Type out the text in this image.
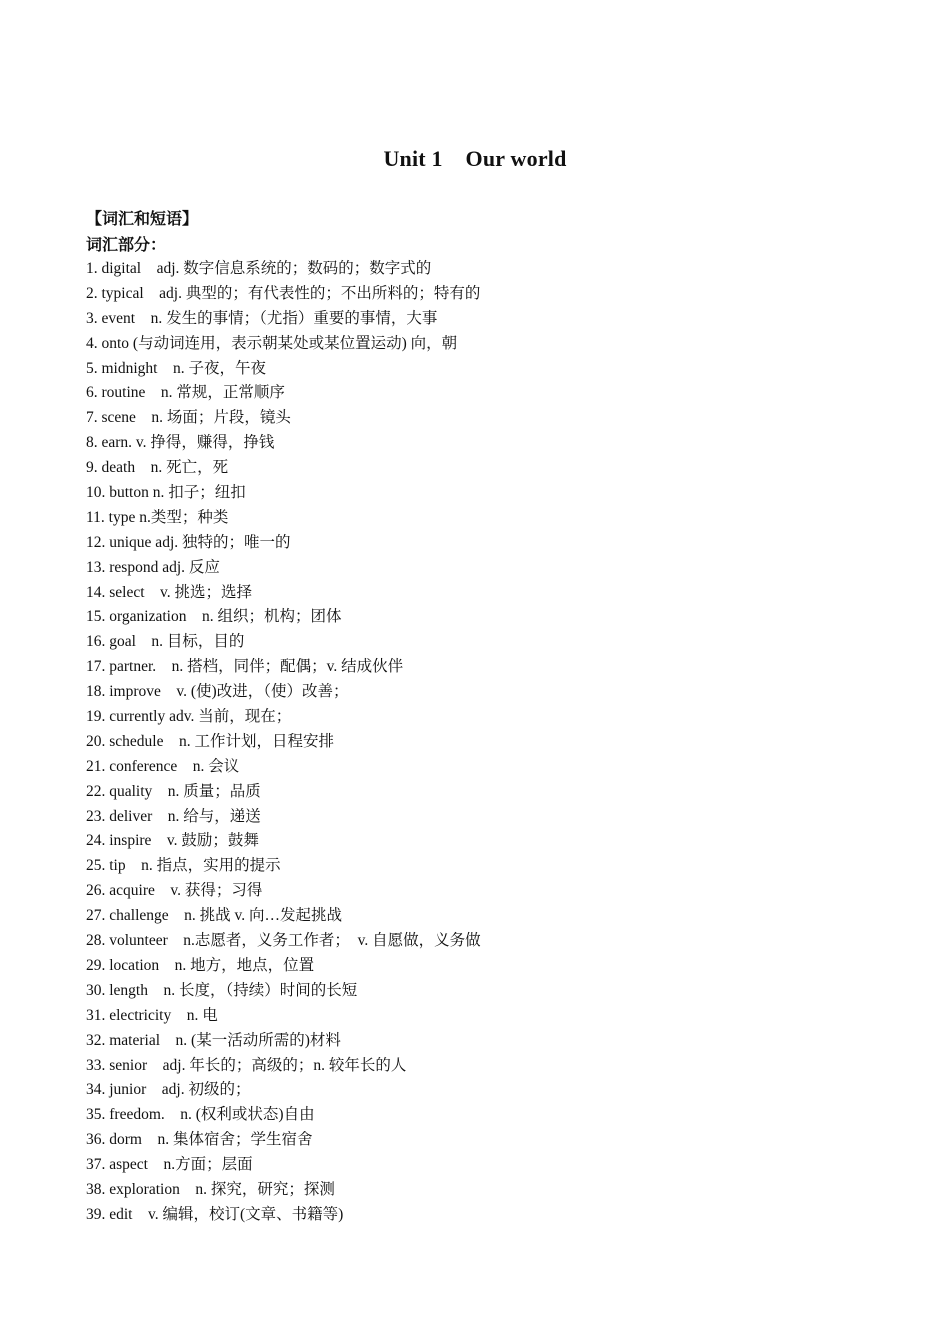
Unit 1    Our world
【词汇和短语】
词汇部分：
1. digital    adj. 数字信息系统的；数码的；数字式的
2. typical    adj. 典型的；有代表性的；不出所料的；特有的
3. event    n. 发生的事情；（尤指）重要的事情，大事
4. onto (与动词连用，表示朝某处或某位置运动) 向，朝
5. midnight    n. 子夜，午夜
6. routine    n. 常规，正常顺序
7. scene    n. 场面；片段，镜头
8. earn. v. 挣得，赚得，挣钱
9. death    n. 死亡，死
10. button n. 扣子；纽扣
11. type n.类型；种类
12. unique adj. 独特的；唯一的
13. respond adj. 反应
14. select    v. 挑选；选择
15. organization    n. 组织；机构；团体
16. goal    n. 目标，目的
17. partner.    n. 搭档，同伴；配偶；v. 结成伙伴
18. improve    v. (使)改进，（使）改善；
19. currently adv. 当前，现在；
20. schedule    n. 工作计划，日程安排
21. conference    n. 会议
22. quality    n. 质量；品质
23. deliver    n. 给与，递送
24. inspire    v. 鼓励；鼓舞
25. tip    n. 指点，实用的提示
26. acquire    v. 获得；习得
27. challenge    n. 挑战 v. 向…发起挑战
28. volunteer    n.志愿者，义务工作者；  v. 自愿做，义务做
29. location    n. 地方，地点，位置
30. length    n. 长度，（持续）时间的长短
31. electricity    n. 电
32. material    n. (某一活动所需的)材料
33. senior    adj. 年长的；高级的；n. 较年长的人
34. junior    adj. 初级的；
35. freedom.    n. (权利或状态)自由
36. dorm    n. 集体宿舍；学生宿舍
37. aspect    n.方面；层面
38. exploration    n. 探究，研究；探测
39. edit    v. 编辑，校订(文章、书籍等)
